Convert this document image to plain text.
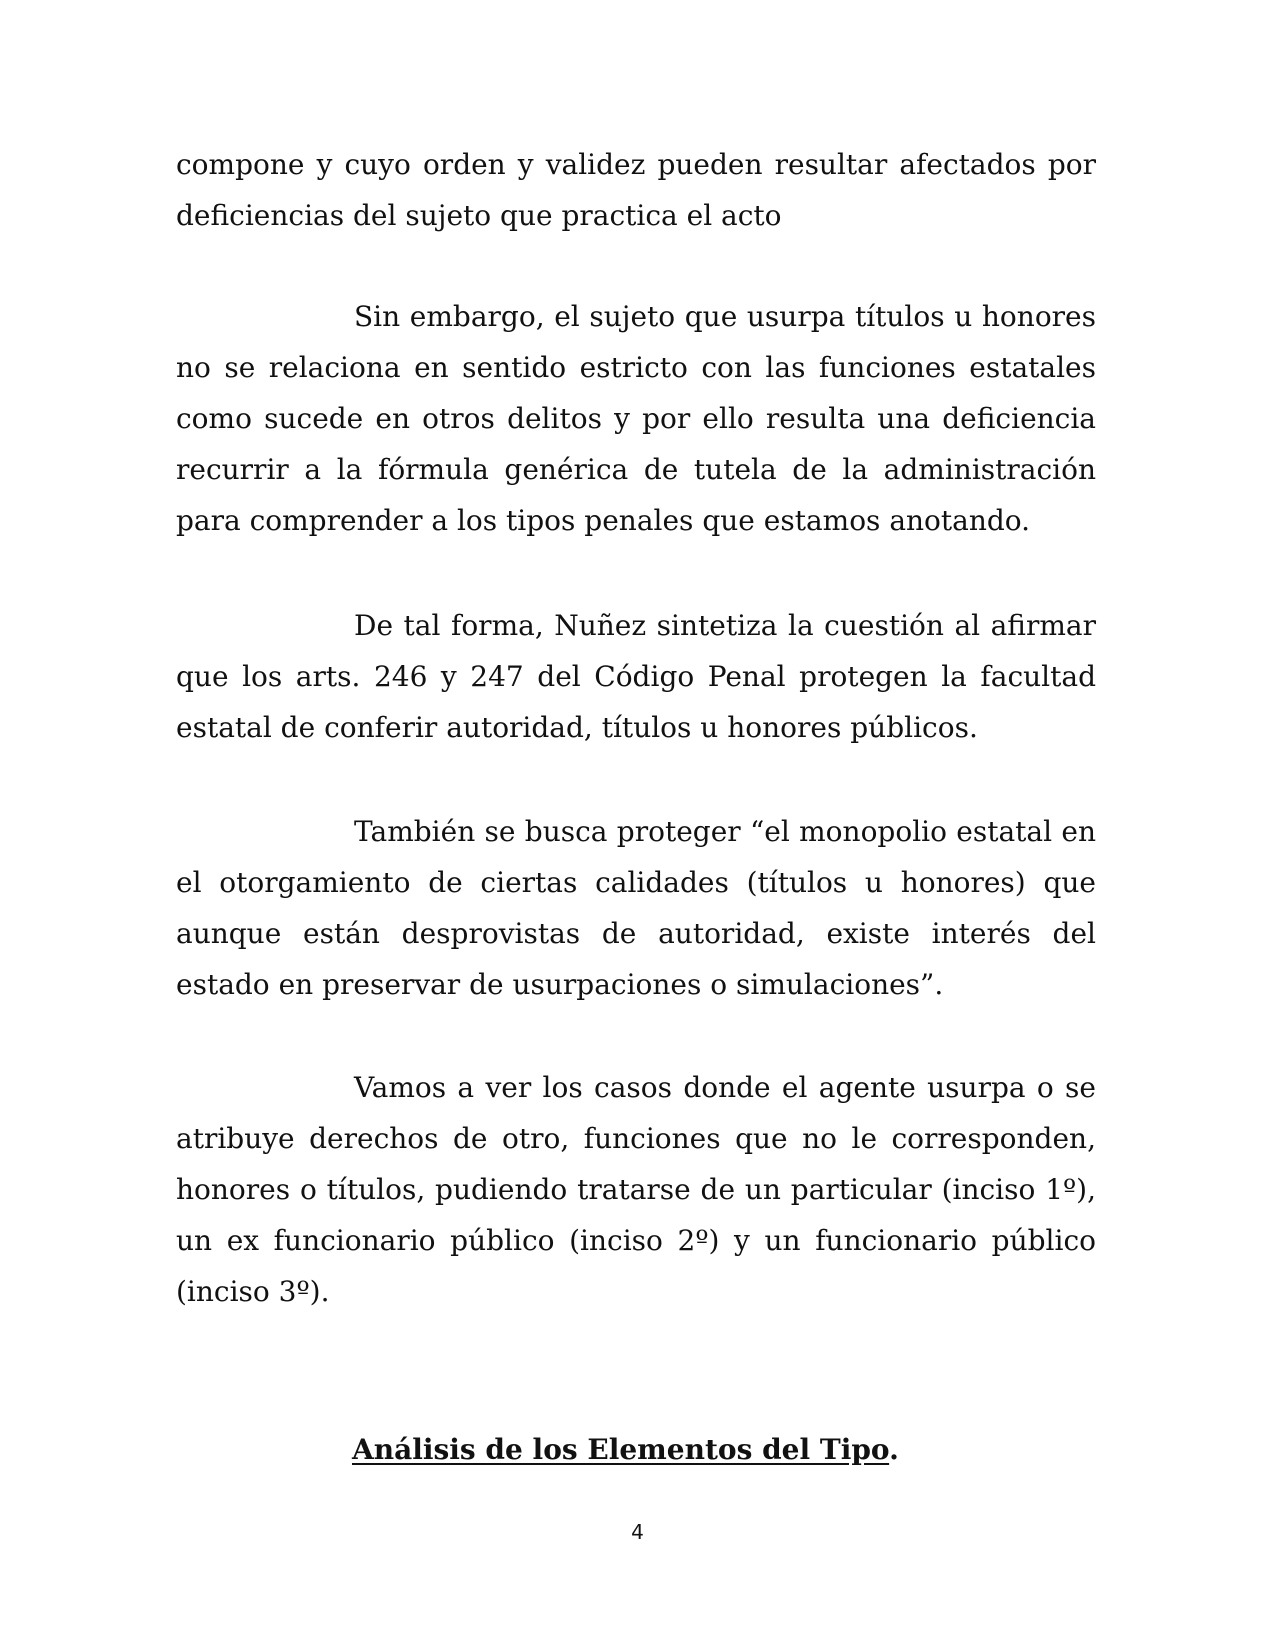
compone y cuyo orden y validez pueden resultar afectados por deficiencias del sujeto que practica el acto

Sin embargo, el sujeto que usurpa títulos u honores no se relaciona en sentido estricto con las funciones estatales como sucede en otros delitos y por ello resulta una deficiencia recurrir a la fórmula genérica de tutela de la administración para comprender a los tipos penales que estamos anotando.

De tal forma, Nuñez sintetiza la cuestión al afirmar que los arts. 246 y 247 del Código Penal protegen la facultad estatal de conferir autoridad, títulos u honores públicos.

También se busca proteger “el monopolio estatal en el otorgamiento de ciertas calidades (títulos u honores) que aunque están desprovistas de autoridad, existe interés del estado en preservar de usurpaciones o simulaciones”.

Vamos a ver los casos donde el agente usurpa o se atribuye derechos de otro, funciones que no le corresponden, honores o títulos, pudiendo tratarse de un particular (inciso 1º), un ex funcionario público (inciso 2º) y un funcionario público (inciso 3º).

Análisis de los Elementos del Tipo.
4
